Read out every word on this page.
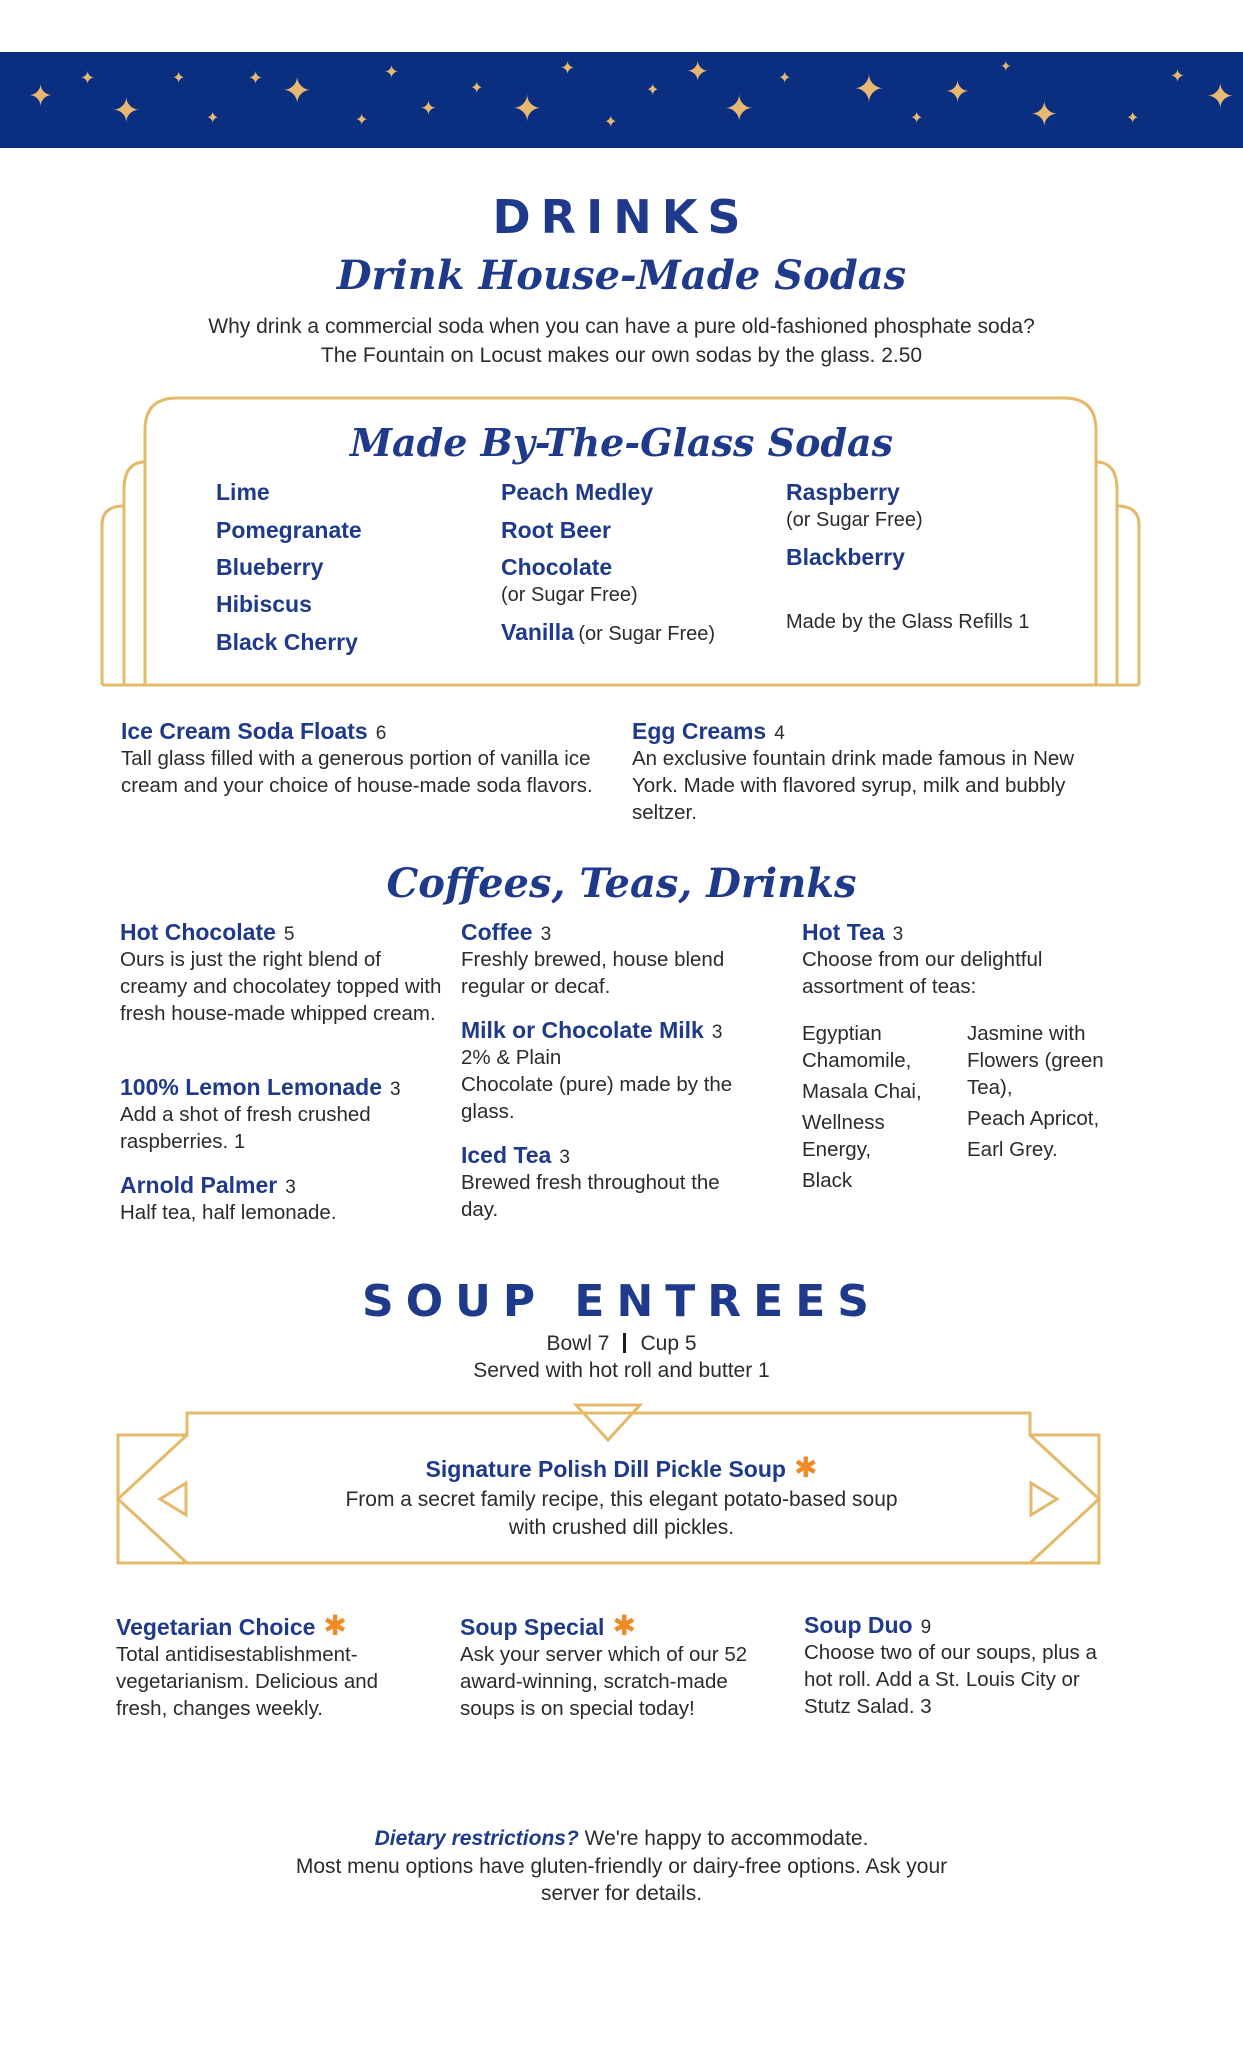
✦
✦
✦
✦
✦
✦ ✦
✦
✦
✦
✦
✦
✦
✦
✦
✦
✦
✦ ✦
✦
✦
✦
✦	✦
✦
✦
DRINKS
Drink House-Made Sodas
Why drink a commercial soda when you can have a pure old-fashioned phosphate soda?
The Fountain on Locust makes our own sodas by the glass. 2.50
Made By-The-Glass Sodas
Lime
Pomegranate
Blueberry
Hibiscus
Black Cherry
Peach Medley
Root Beer
Chocolate
(or Sugar Free)
Vanilla (or Sugar Free)
Raspberry
(or Sugar Free)
Blackberry
Made by the Glass Refills 1
Ice Cream Soda Floats 6
Tall glass filled with a generous portion of vanilla ice cream and your choice of house-made soda flavors.
Egg Creams 4
An exclusive fountain drink made famous in New York. Made with flavored syrup, milk and bubbly seltzer.
Coffees, Teas, Drinks
Hot Chocolate 5
Ours is just the right blend of creamy and chocolatey topped with fresh house-made whipped cream.
100% Lemon Lemonade 3
Add a shot of fresh crushed raspberries. 1
Arnold Palmer 3
Half tea, half lemonade.
Coffee 3
Freshly brewed, house blend regular or decaf.
Milk or Chocolate Milk 3
2% & Plain
Chocolate (pure) made by the glass.
Iced Tea 3
Brewed fresh throughout the day.
Hot Tea 3
Choose from our delightful assortment of teas:
Egyptian Chamomile,
Masala Chai,
Wellness Energy,
Black
Jasmine with Flowers (green Tea),
Peach Apricot,
Earl Grey.
SOUP ENTREES
Bowl 7 Cup 5
Served with hot roll and butter 1
Signature Polish Dill Pickle Soup ✱
From a secret family recipe, this elegant potato-based soup
with crushed dill pickles.
Vegetarian Choice ✱
Total antidisestablishment-vegetarianism. Delicious and fresh, changes weekly.
Soup Special ✱
Ask your server which of our 52 award-winning, scratch-made soups is on special today!
Soup Duo 9
Choose two of our soups, plus a hot roll. Add a St. Louis City or Stutz Salad. 3
Dietary restrictions? We're happy to accommodate.
Most menu options have gluten-friendly or dairy-free options. Ask your
server for details.
